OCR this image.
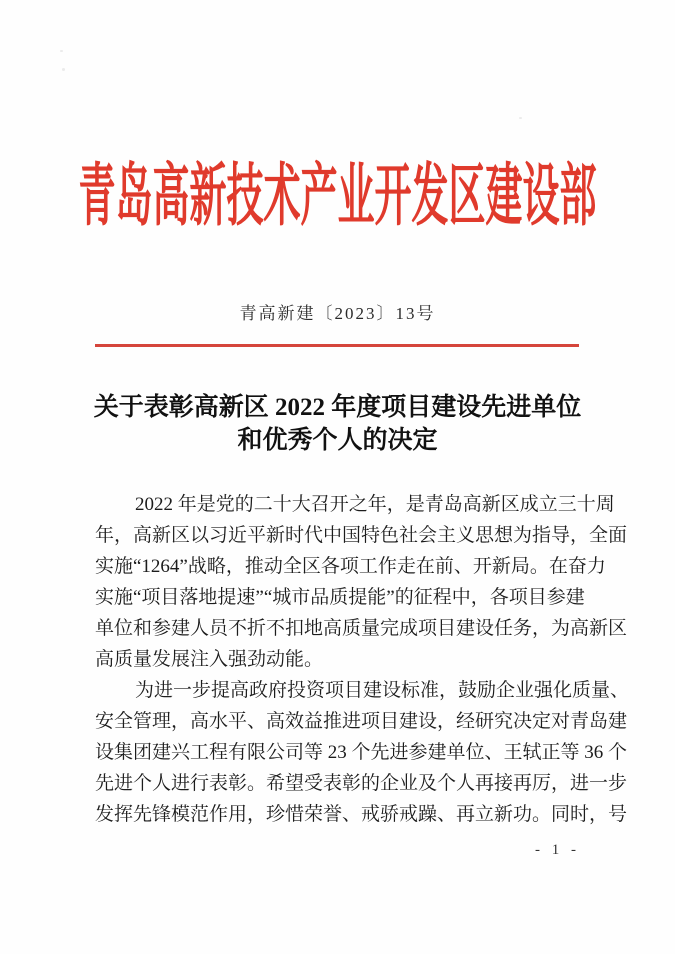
青岛高新技术产业开发区建设部
青高新建〔2023〕13号
关于表彰高新区 2022 年度项目建设先进单位
和优秀个人的决定
2022 年是党的二十大召开之年，是青岛高新区成立三十周
年，高新区以习近平新时代中国特色社会主义思想为指导，全面
实施“1264”战略，推动全区各项工作走在前、开新局。在奋力
实施“项目落地提速”“城市品质提能”的征程中，各项目参建
单位和参建人员不折不扣地高质量完成项目建设任务，为高新区
高质量发展注入强劲动能。
为进一步提高政府投资项目建设标准，鼓励企业强化质量、
安全管理，高水平、高效益推进项目建设，经研究决定对青岛建
设集团建兴工程有限公司等 23 个先进参建单位、王轼正等 36 个
先进个人进行表彰。希望受表彰的企业及个人再接再厉，进一步
发挥先锋模范作用，珍惜荣誉、戒骄戒躁、再立新功。同时，号
- 1 -
